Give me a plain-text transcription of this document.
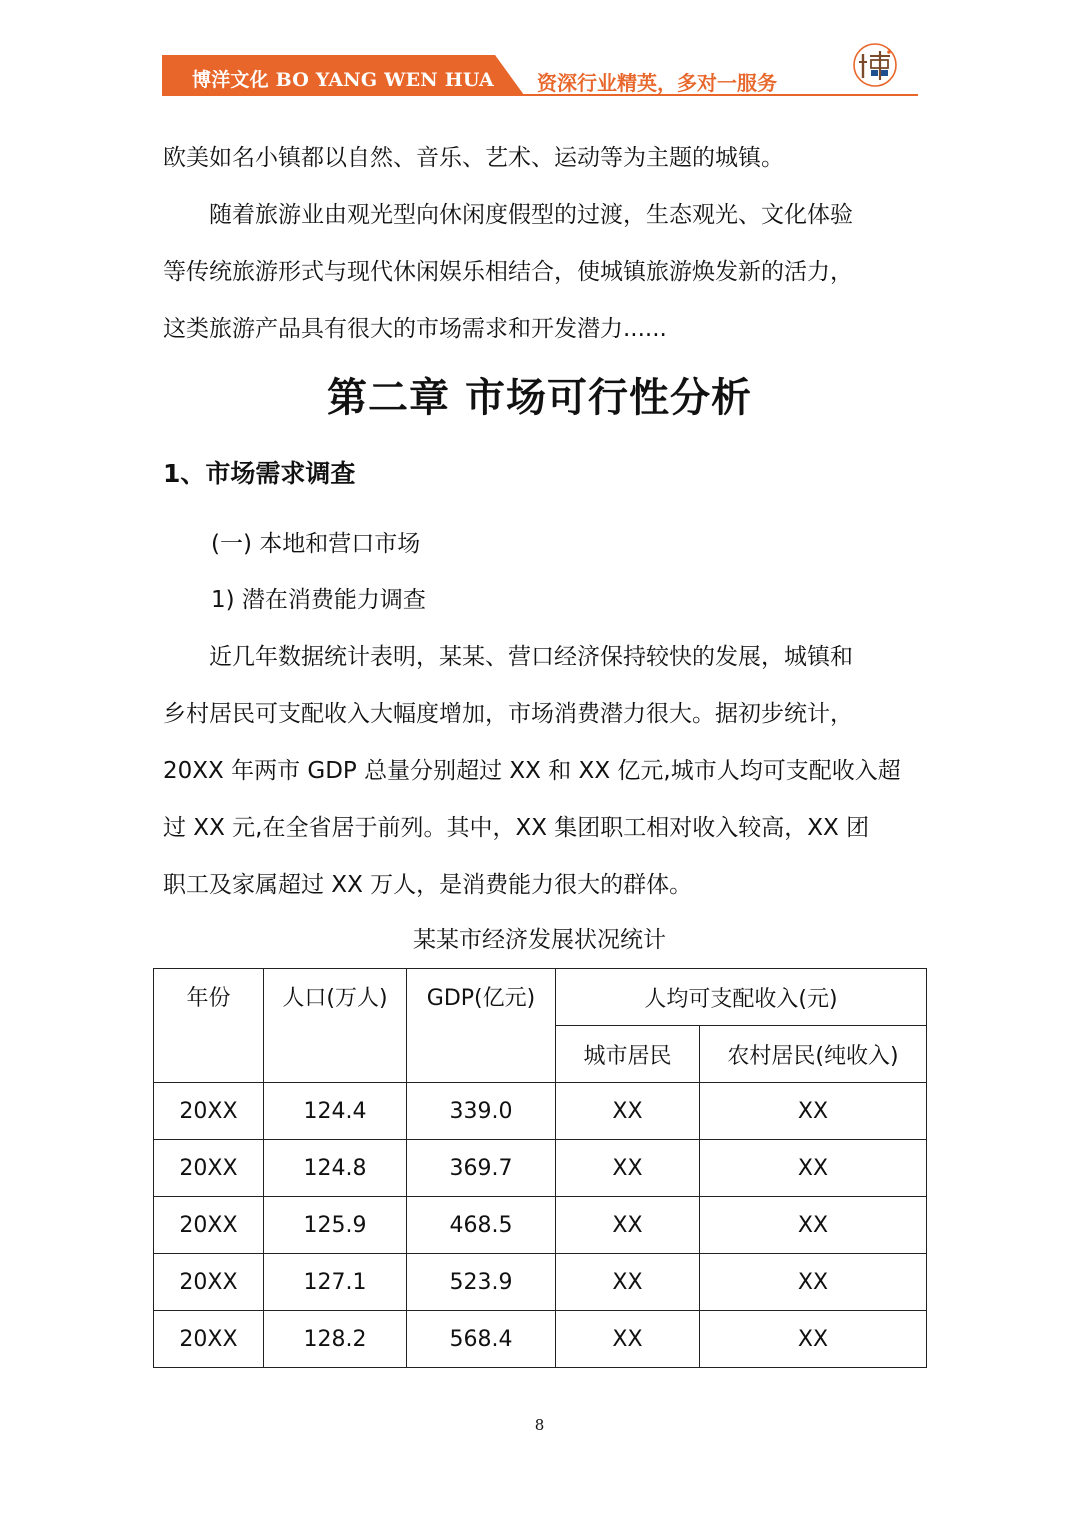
博洋文化 BO YANG WEN HUA 资深行业精英，多对一服务
欧美如名小镇都以自然、音乐、艺术、运动等为主题的城镇。
随着旅游业由观光型向休闲度假型的过渡，生态观光、文化体验
等传统旅游形式与现代休闲娱乐相结合，使城镇旅游焕发新的活力，
这类旅游产品具有很大的市场需求和开发潜力......
第二章 市场可行性分析
1、市场需求调查
(一) 本地和营口市场
1) 潜在消费能力调查
近几年数据统计表明，某某、营口经济保持较快的发展，城镇和
乡村居民可支配收入大幅度增加，市场消费潜力很大。据初步统计，
20XX 年两市 GDP 总量分别超过 XX 和 XX 亿元,城市人均可支配收入超
过 XX 元,在全省居于前列。其中，XX 集团职工相对收入较高，XX 团
职工及家属超过 XX 万人，是消费能力很大的群体。
某某市经济发展状况统计
年份	人口(万人)	GDP(亿元)	人均可支配收入(元)	
			城市居民	农村居民(纯收入)
20XX	124.4	339.0	XX	XX
20XX	124.8	369.7	XX	XX
20XX	125.9	468.5	XX	XX
20XX	127.1	523.9	XX	XX
20XX	128.2	568.4	XX	XX
8
